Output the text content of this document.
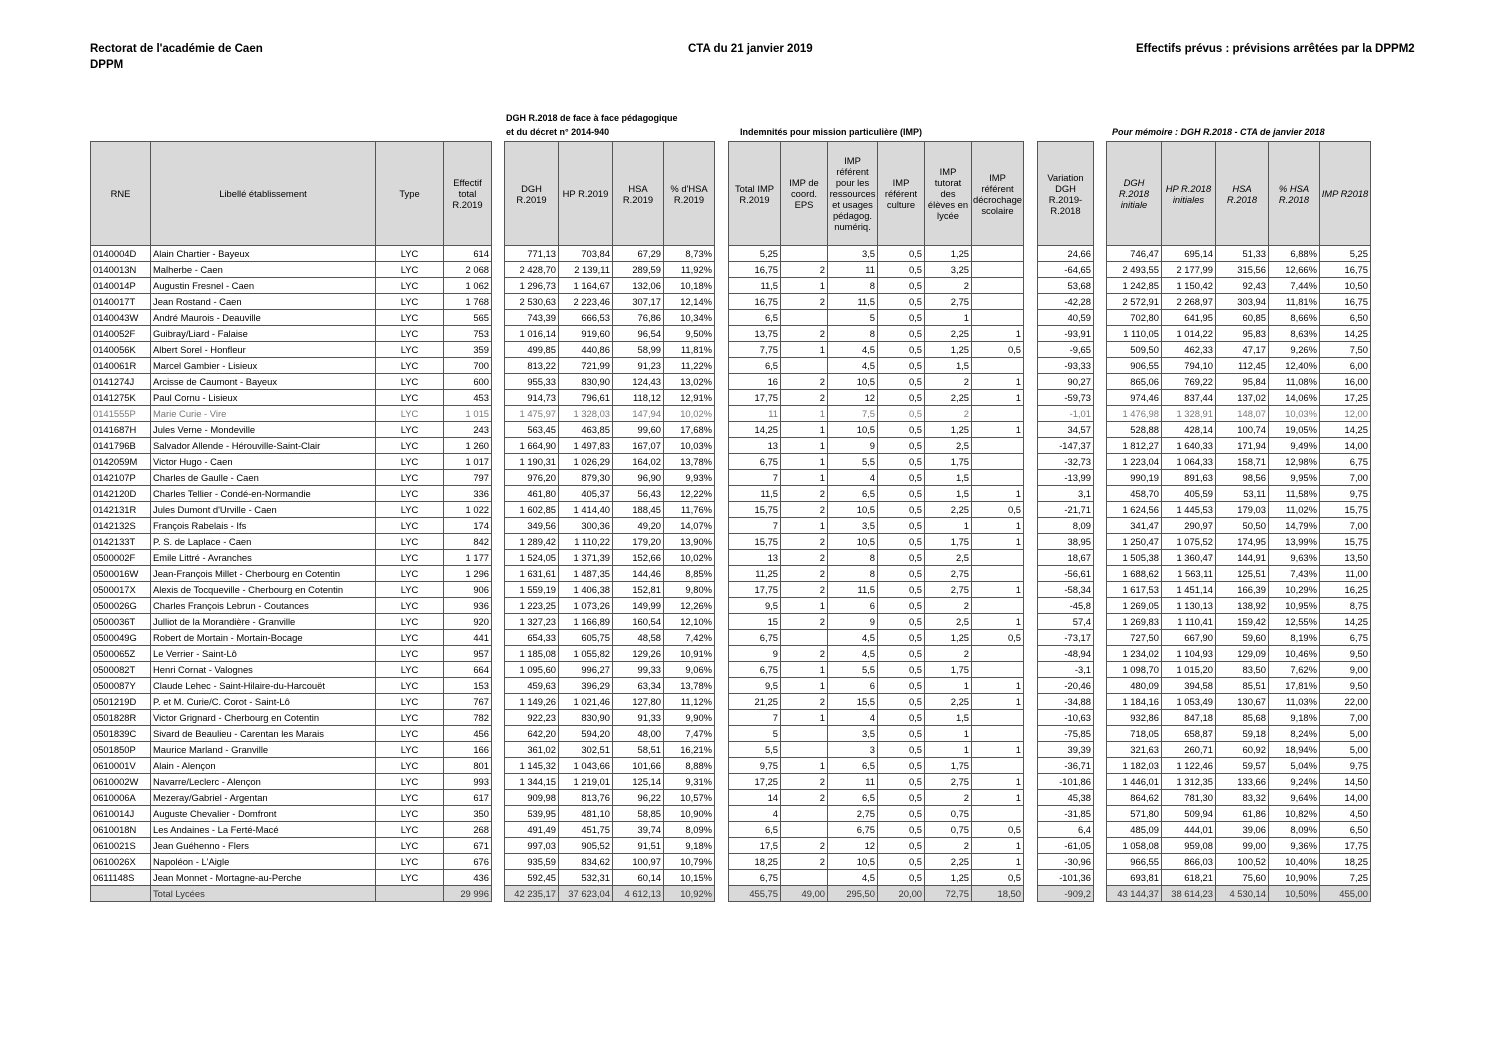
Rectorat de l'académie de Caen
DPPM
CTA du 21 janvier 2019	Effectifs prévus : prévisions arrêtées par la DPPM2
DGH R.2018 de face à face pédagogique
et du décret n° 2014-940	Indemnités pour mission particulière (IMP)	Pour mémoire : DGH R.2018 - CTA de janvier 2018
RNE	Libellé établissement	Type	Effectif total R.2019		DGH R.2019	HP R.2019	HSA R.2019	% d'HSA R.2019		Total IMP R.2019	IMP de coord. EPS	IMP référent pour les ressources et usages pédagog. numériq.	IMP référent culture	IMP tutorat des élèves en lycée	IMP référent décrochage scolaire		Variation DGH R.2019-R.2018		DGH R.2018 initiale	HP R.2018 initiales	HSA R.2018	% HSA R.2018	IMP R2018
0140004D	Alain Chartier - Bayeux	LYC	614		771,13	703,84	67,29	8,73%		5,25		3,5	0,5	1,25			24,66		746,47	695,14	51,33	6,88%	5,25
0140013N	Malherbe - Caen	LYC	2 068		2 428,70	2 139,11	289,59	11,92%		16,75	2	11	0,5	3,25			-64,65		2 493,55	2 177,99	315,56	12,66%	16,75
0140014P	Augustin Fresnel - Caen	LYC	1 062		1 296,73	1 164,67	132,06	10,18%		11,5	1	8	0,5	2			53,68		1 242,85	1 150,42	92,43	7,44%	10,50
0140017T	Jean Rostand - Caen	LYC	1 768		2 530,63	2 223,46	307,17	12,14%		16,75	2	11,5	0,5	2,75			-42,28		2 572,91	2 268,97	303,94	11,81%	16,75
0140043W	André Maurois - Deauville	LYC	565		743,39	666,53	76,86	10,34%		6,5		5	0,5	1			40,59		702,80	641,95	60,85	8,66%	6,50
0140052F	Guibray/Liard - Falaise	LYC	753		1 016,14	919,60	96,54	9,50%		13,75	2	8	0,5	2,25	1		-93,91		1 110,05	1 014,22	95,83	8,63%	14,25
0140056K	Albert Sorel - Honfleur	LYC	359		499,85	440,86	58,99	11,81%		7,75	1	4,5	0,5	1,25	0,5		-9,65		509,50	462,33	47,17	9,26%	7,50
0140061R	Marcel Gambier - Lisieux	LYC	700		813,22	721,99	91,23	11,22%		6,5		4,5	0,5	1,5			-93,33		906,55	794,10	112,45	12,40%	6,00
0141274J	Arcisse de Caumont - Bayeux	LYC	600		955,33	830,90	124,43	13,02%		16	2	10,5	0,5	2	1		90,27		865,06	769,22	95,84	11,08%	16,00
0141275K	Paul Cornu - Lisieux	LYC	453		914,73	796,61	118,12	12,91%		17,75	2	12	0,5	2,25	1		-59,73		974,46	837,44	137,02	14,06%	17,25
0141555P	Marie Curie - Vire	LYC	1 015		1 475,97	1 328,03	147,94	10,02%		11	1	7,5	0,5	2			-1,01		1 476,98	1 328,91	148,07	10,03%	12,00
0141687H	Jules Verne - Mondeville	LYC	243		563,45	463,85	99,60	17,68%		14,25	1	10,5	0,5	1,25	1		34,57		528,88	428,14	100,74	19,05%	14,25
0141796B	Salvador Allende - Hérouville-Saint-Clair	LYC	1 260		1 664,90	1 497,83	167,07	10,03%		13	1	9	0,5	2,5			-147,37		1 812,27	1 640,33	171,94	9,49%	14,00
0142059M	Victor Hugo - Caen	LYC	1 017		1 190,31	1 026,29	164,02	13,78%		6,75	1	5,5	0,5	1,75			-32,73		1 223,04	1 064,33	158,71	12,98%	6,75
0142107P	Charles de Gaulle - Caen	LYC	797		976,20	879,30	96,90	9,93%		7	1	4	0,5	1,5			-13,99		990,19	891,63	98,56	9,95%	7,00
0142120D	Charles Tellier - Condé-en-Normandie	LYC	336		461,80	405,37	56,43	12,22%		11,5	2	6,5	0,5	1,5	1		3,1		458,70	405,59	53,11	11,58%	9,75
0142131R	Jules Dumont d'Urville - Caen	LYC	1 022		1 602,85	1 414,40	188,45	11,76%		15,75	2	10,5	0,5	2,25	0,5		-21,71		1 624,56	1 445,53	179,03	11,02%	15,75
0142132S	François Rabelais - Ifs	LYC	174		349,56	300,36	49,20	14,07%		7	1	3,5	0,5	1	1		8,09		341,47	290,97	50,50	14,79%	7,00
0142133T	P. S. de Laplace - Caen	LYC	842		1 289,42	1 110,22	179,20	13,90%		15,75	2	10,5	0,5	1,75	1		38,95		1 250,47	1 075,52	174,95	13,99%	15,75
0500002F	Emile Littré - Avranches	LYC	1 177		1 524,05	1 371,39	152,66	10,02%		13	2	8	0,5	2,5			18,67		1 505,38	1 360,47	144,91	9,63%	13,50
0500016W	Jean-François Millet - Cherbourg en Cotentin	LYC	1 296		1 631,61	1 487,35	144,46	8,85%		11,25	2	8	0,5	2,75			-56,61		1 688,62	1 563,11	125,51	7,43%	11,00
0500017X	Alexis de Tocqueville - Cherbourg en Cotentin	LYC	906		1 559,19	1 406,38	152,81	9,80%		17,75	2	11,5	0,5	2,75	1		-58,34		1 617,53	1 451,14	166,39	10,29%	16,25
0500026G	Charles François Lebrun - Coutances	LYC	936		1 223,25	1 073,26	149,99	12,26%		9,5	1	6	0,5	2			-45,8		1 269,05	1 130,13	138,92	10,95%	8,75
0500036T	Julliot de la Morandière - Granville	LYC	920		1 327,23	1 166,89	160,54	12,10%		15	2	9	0,5	2,5	1		57,4		1 269,83	1 110,41	159,42	12,55%	14,25
0500049G	Robert de Mortain - Mortain-Bocage	LYC	441		654,33	605,75	48,58	7,42%		6,75		4,5	0,5	1,25	0,5		-73,17		727,50	667,90	59,60	8,19%	6,75
0500065Z	Le Verrier - Saint-Lô	LYC	957		1 185,08	1 055,82	129,26	10,91%		9	2	4,5	0,5	2			-48,94		1 234,02	1 104,93	129,09	10,46%	9,50
0500082T	Henri Cornat - Valognes	LYC	664		1 095,60	996,27	99,33	9,06%		6,75	1	5,5	0,5	1,75			-3,1		1 098,70	1 015,20	83,50	7,62%	9,00
0500087Y	Claude Lehec - Saint-Hilaire-du-Harcouët	LYC	153		459,63	396,29	63,34	13,78%		9,5	1	6	0,5	1	1		-20,46		480,09	394,58	85,51	17,81%	9,50
0501219D	P. et M. Curie/C. Corot - Saint-Lô	LYC	767		1 149,26	1 021,46	127,80	11,12%		21,25	2	15,5	0,5	2,25	1		-34,88		1 184,16	1 053,49	130,67	11,03%	22,00
0501828R	Victor Grignard - Cherbourg en Cotentin	LYC	782		922,23	830,90	91,33	9,90%		7	1	4	0,5	1,5			-10,63		932,86	847,18	85,68	9,18%	7,00
0501839C	Sivard de Beaulieu - Carentan les Marais	LYC	456		642,20	594,20	48,00	7,47%		5		3,5	0,5	1			-75,85		718,05	658,87	59,18	8,24%	5,00
0501850P	Maurice Marland - Granville	LYC	166		361,02	302,51	58,51	16,21%		5,5		3	0,5	1	1		39,39		321,63	260,71	60,92	18,94%	5,00
0610001V	Alain - Alençon	LYC	801		1 145,32	1 043,66	101,66	8,88%		9,75	1	6,5	0,5	1,75			-36,71		1 182,03	1 122,46	59,57	5,04%	9,75
0610002W	Navarre/Leclerc - Alençon	LYC	993		1 344,15	1 219,01	125,14	9,31%		17,25	2	11	0,5	2,75	1		-101,86		1 446,01	1 312,35	133,66	9,24%	14,50
0610006A	Mezeray/Gabriel - Argentan	LYC	617		909,98	813,76	96,22	10,57%		14	2	6,5	0,5	2	1		45,38		864,62	781,30	83,32	9,64%	14,00
0610014J	Auguste Chevalier - Domfront	LYC	350		539,95	481,10	58,85	10,90%		4		2,75	0,5	0,75			-31,85		571,80	509,94	61,86	10,82%	4,50
0610018N	Les Andaines - La Ferté-Macé	LYC	268		491,49	451,75	39,74	8,09%		6,5		6,75	0,5	0,75	0,5		6,4		485,09	444,01	39,06	8,09%	6,50
0610021S	Jean Guéhenno - Flers	LYC	671		997,03	905,52	91,51	9,18%		17,5	2	12	0,5	2	1		-61,05		1 058,08	959,08	99,00	9,36%	17,75
0610026X	Napoléon - L'Aigle	LYC	676		935,59	834,62	100,97	10,79%		18,25	2	10,5	0,5	2,25	1		-30,96		966,55	866,03	100,52	10,40%	18,25
0611148S	Jean Monnet - Mortagne-au-Perche	LYC	436		592,45	532,31	60,14	10,15%		6,75		4,5	0,5	1,25	0,5		-101,36		693,81	618,21	75,60	10,90%	7,25
	Total Lycées		29 996		42 235,17	37 623,04	4 612,13	10,92%		455,75	49,00	295,50	20,00	72,75	18,50		-909,2		43 144,37	38 614,23	4 530,14	10,50%	455,00
